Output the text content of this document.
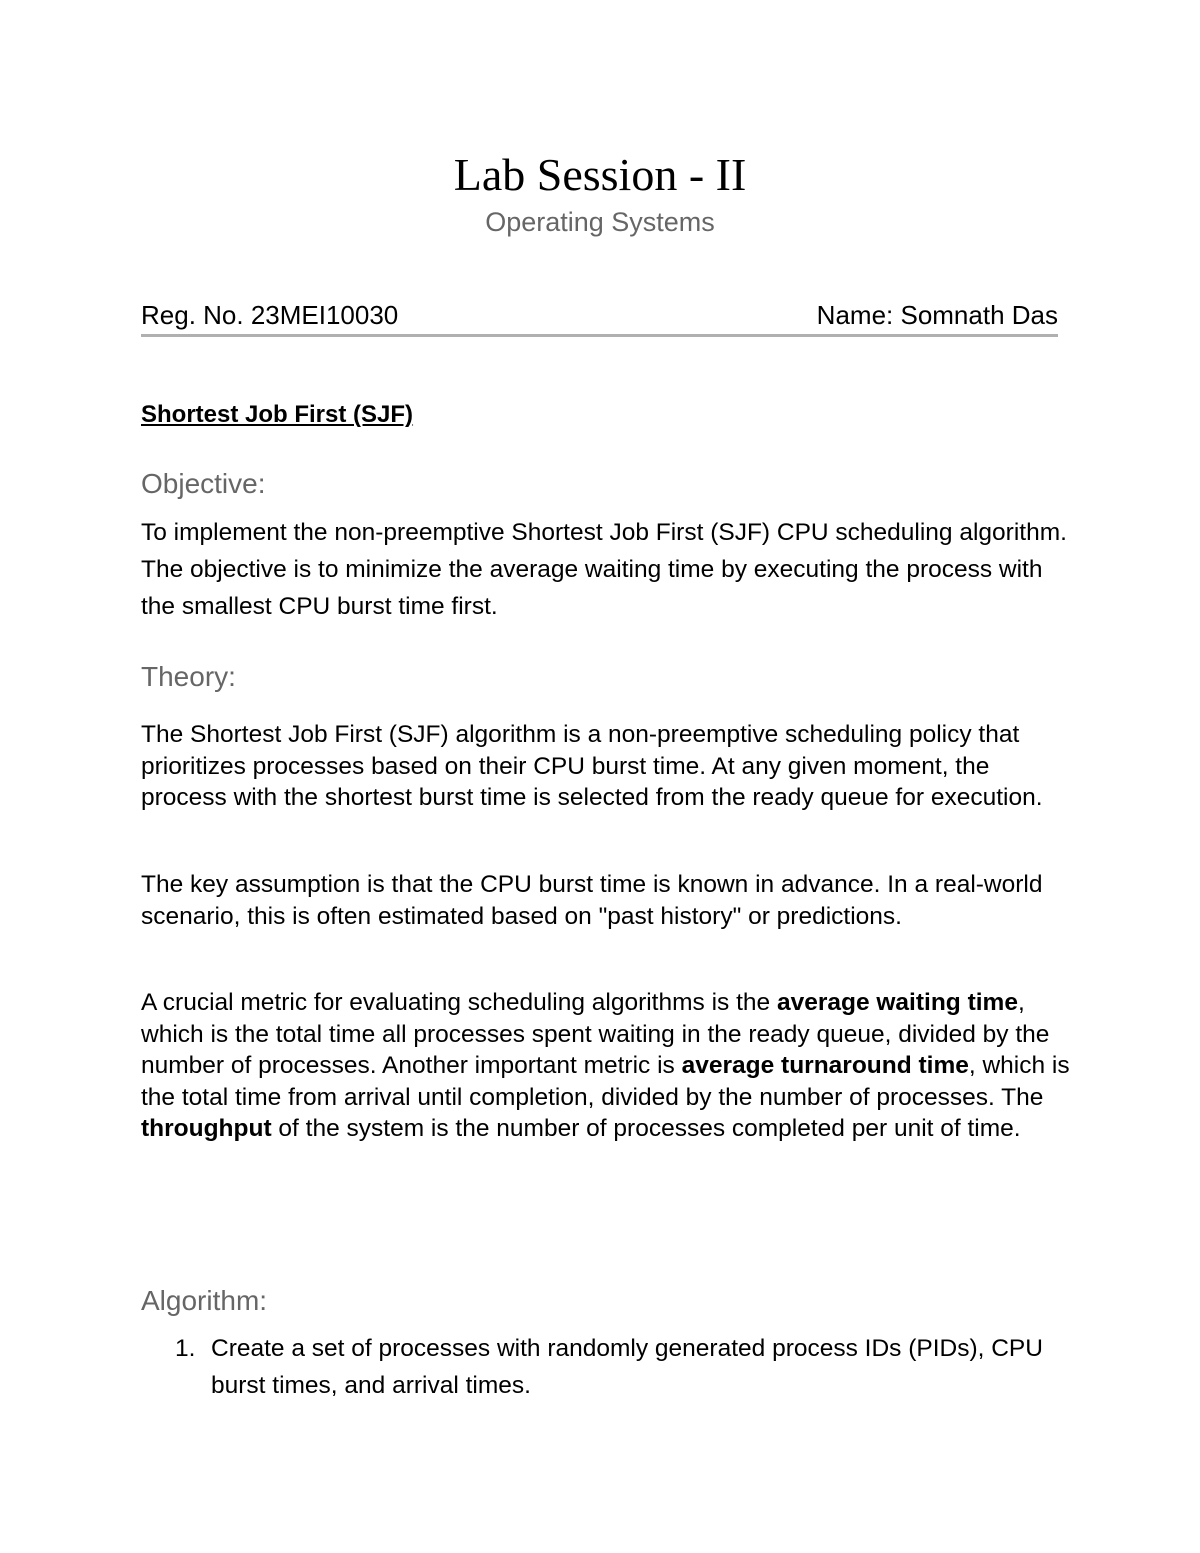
Lab Session - II
Operating Systems
Reg. No. 23MEI10030	Name: Somnath Das
Shortest Job First (SJF)
Objective:
To implement the non-preemptive Shortest Job First (SJF) CPU scheduling algorithm. The objective is to minimize the average waiting time by executing the process with the smallest CPU burst time first.
Theory:
The Shortest Job First (SJF) algorithm is a non-preemptive scheduling policy that prioritizes processes based on their CPU burst time. At any given moment, the process with the shortest burst time is selected from the ready queue for execution.
The key assumption is that the CPU burst time is known in advance. In a real-world scenario, this is often estimated based on "past history" or predictions.
A crucial metric for evaluating scheduling algorithms is the average waiting time, which is the total time all processes spent waiting in the ready queue, divided by the number of processes. Another important metric is average turnaround time, which is the total time from arrival until completion, divided by the number of processes. The throughput of the system is the number of processes completed per unit of time.
Algorithm:
1. Create a set of processes with randomly generated process IDs (PIDs), CPU burst times, and arrival times.
